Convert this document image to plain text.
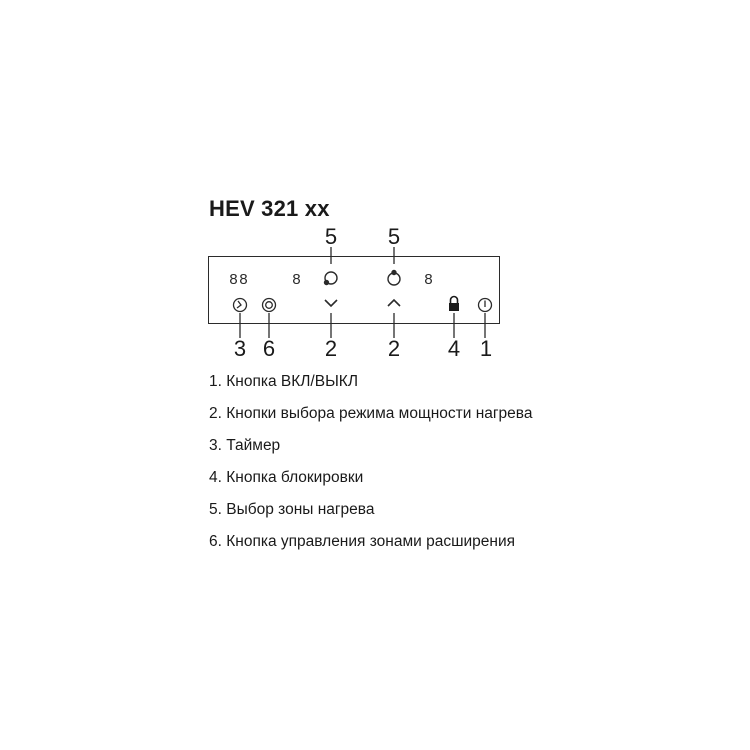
HEV 321 xx
88	8	8
5 5
3 6 2 2 4 1
1. Кнопка ВКЛ/ВЫКЛ
2. Кнопки выбора режима мощности нагрева
3. Таймер
4. Кнопка блокировки
5. Выбор зоны нагрева
6. Кнопка управления зонами расширения
